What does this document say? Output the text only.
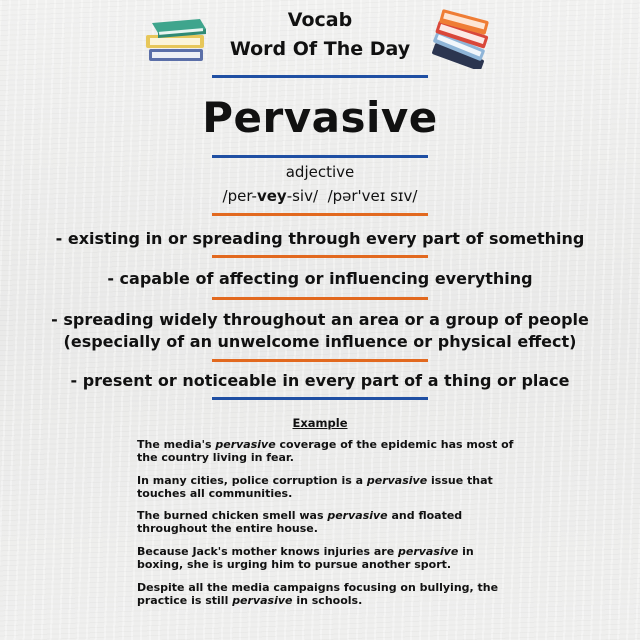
Vocab
Word Of The Day
Pervasive
adjective
/per-vey-siv/ /pər'veɪ sɪv/
- existing in or spreading through every part of something
- capable of affecting or influencing everything
- spreading widely throughout an area or a group of people
(especially of an unwelcome influence or physical effect)
- present or noticeable in every part of a thing or place
Example
The media's pervasive coverage of the epidemic has most of the country living in fear.
In many cities, police corruption is a pervasive issue that touches all communities.
The burned chicken smell was pervasive and floated throughout the entire house.
Because Jack's mother knows injuries are pervasive in boxing, she is urging him to pursue another sport.
Despite all the media campaigns focusing on bullying, the practice is still pervasive in schools.
